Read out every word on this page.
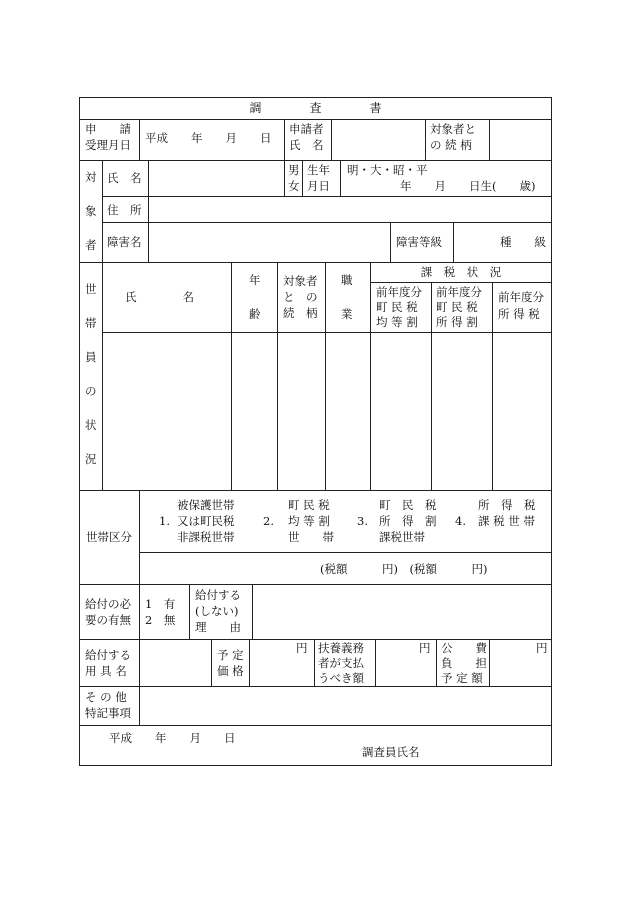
調　　　　査　　　　書
申　　請
受理月日 平成　　年　　月　　日
申請者
氏　名
対象者と
の 続 柄
対
象
者
氏　名
男
女
生年
月日
明・大・昭・平
年　　月　　日生(　　歳)
住　所
障害名	障害等級	種　　級
世
帯
員
の
状
況
氏　　　　名
年
齢
対象者
と　の
続　柄
職
業
課　税　状　況
前年度分
町 民 税
均 等 割
前年度分
町 民 税
所 得 割
前年度分
所 得 税
世帯区分
被保護世帯
1. 又は町民税
非課税世帯
町 民 税
2. 均 等 割
世　　帯
町　民　税
3. 所　得　割
課税世帯
所　得　税
4. 課 税 世 帯
(税額　　　円)　(税額　　　円)
給付の必
要の有無
1　有
2　無
給付する
(しない)
理　　由
給付する
用 具 名
予 定
価 格
円 扶養義務
者が支払
うべき額
円 公　　費
負　　担
予 定 額
円
そ の 他
特記事項
平成　　年　　月　　日
調査員氏名
